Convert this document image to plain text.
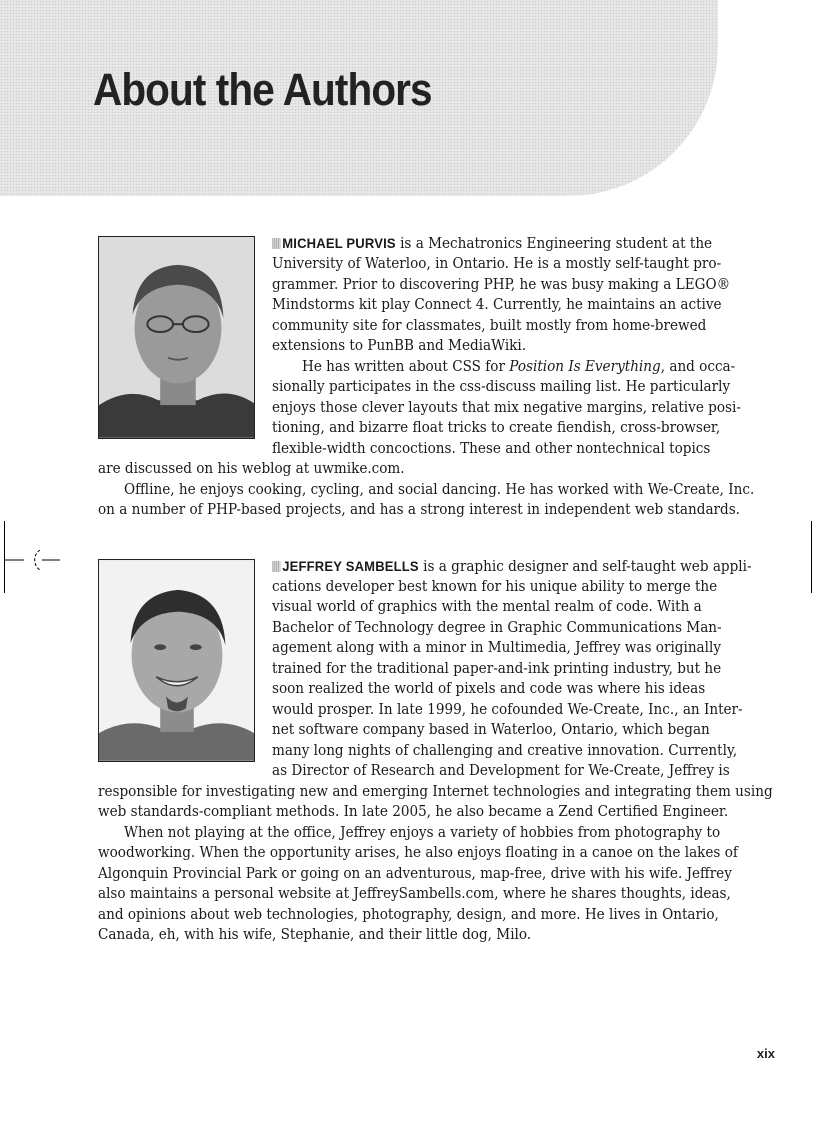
About the Authors

MICHAEL PURVIS is a Mechatronics Engineering student at the

University of Waterloo, in Ontario. He is a mostly self-taught pro-

grammer. Prior to discovering PHP, he was busy making a LEGO®

Mindstorms kit play Connect 4. Currently, he maintains an active

community site for classmates, built mostly from home-brewed

extensions to PunBB and MediaWiki.

He has written about CSS for Position Is Everything, and occa-

sionally participates in the css-discuss mailing list. He particularly

enjoys those clever layouts that mix negative margins, relative posi-

tioning, and bizarre float tricks to create fiendish, cross-browser,

flexible-width concoctions. These and other nontechnical topics

are discussed on his weblog at uwmike.com.

Offline, he enjoys cooking, cycling, and social dancing. He has worked with We-Create, Inc.

on a number of PHP-based projects, and has a strong interest in independent web standards.

JEFFREY SAMBELLS is a graphic designer and self-taught web appli-

cations developer best known for his unique ability to merge the

visual world of graphics with the mental realm of code. With a

Bachelor of Technology degree in Graphic Communications Man-

agement along with a minor in Multimedia, Jeffrey was originally

trained for the traditional paper-and-ink printing industry, but he

soon realized the world of pixels and code was where his ideas

would prosper. In late 1999, he cofounded We-Create, Inc., an Inter-

net software company based in Waterloo, Ontario, which began

many long nights of challenging and creative innovation. Currently,

as Director of Research and Development for We-Create, Jeffrey is

responsible for investigating new and emerging Internet technologies and integrating them using

web standards-compliant methods. In late 2005, he also became a Zend Certified Engineer.

When not playing at the office, Jeffrey enjoys a variety of hobbies from photography to

woodworking. When the opportunity arises, he also enjoys floating in a canoe on the lakes of

Algonquin Provincial Park or going on an adventurous, map-free, drive with his wife. Jeffrey

also maintains a personal website at JeffreySambells.com, where he shares thoughts, ideas,

and opinions about web technologies, photography, design, and more. He lives in Ontario,

Canada, eh, with his wife, Stephanie, and their little dog, Milo.

xix
